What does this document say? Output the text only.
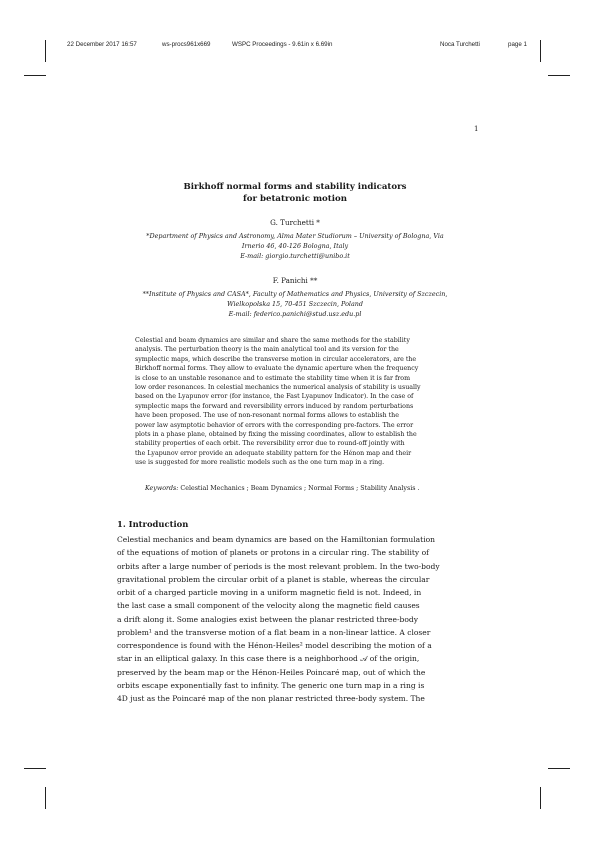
22 December 2017 16:57	ws-procs961x669	WSPC Proceedings - 9.61in x 6.69in	Noca Turchetti	page 1
1
Birkhoff normal forms and stability indicators
for betatronic motion
G. Turchetti *
*Department of Physics and Astronomy, Alma Mater Studiorum – University of Bologna, Via
Irnerio 46, 40-126 Bologna, Italy
E-mail: giorgio.turchetti@unibo.it
F. Panichi **
**Institute of Physics and CASA*, Faculty of Mathematics and Physics, University of Szczecin,
Wielkopolska 15, 70-451 Szczecin, Poland
E-mail: federico.panichi@stud.usz.edu.pl
Celestial and beam dynamics are similar and share the same methods for the stability
analysis. The perturbation theory is the main analytical tool and its version for the
symplectic maps, which describe the transverse motion in circular accelerators, are the
Birkhoff normal forms. They allow to evaluate the dynamic aperture when the frequency
is close to an unstable resonance and to estimate the stability time when it is far from
low order resonances. In celestial mechanics the numerical analysis of stability is usually
based on the Lyapunov error (for instance, the Fast Lyapunov Indicator). In the case of
symplectic maps the forward and reversibility errors induced by random perturbations
have been proposed. The use of non-resonant normal forms allows to establish the
power law asymptotic behavior of errors with the corresponding pre-factors. The error
plots in a phase plane, obtained by fixing the missing coordinates, allow to establish the
stability properties of each orbit. The reversibility error due to round-off jointly with
the Lyapunov error provide an adequate stability pattern for the Hénon map and their
use is suggested for more realistic models such as the one turn map in a ring.
Keywords: Celestial Mechanics ; Beam Dynamics ; Normal Forms ; Stability Analysis .
1. Introduction
Celestial mechanics and beam dynamics are based on the Hamiltonian formulation
of the equations of motion of planets or protons in a circular ring. The stability of
orbits after a large number of periods is the most relevant problem. In the two-body
gravitational problem the circular orbit of a planet is stable, whereas the circular
orbit of a charged particle moving in a uniform magnetic field is not. Indeed, in
the last case a small component of the velocity along the magnetic field causes
a drift along it. Some analogies exist between the planar restricted three-body
problem¹ and the transverse motion of a flat beam in a non-linear lattice. A closer
correspondence is found with the Hénon-Heiles² model describing the motion of a
star in an elliptical galaxy. In this case there is a neighborhood 𝒜 of the origin,
preserved by the beam map or the Hénon-Heiles Poincaré map, out of which the
orbits escape exponentially fast to infinity. The generic one turn map in a ring is
4D just as the Poincaré map of the non planar restricted three-body system. The
